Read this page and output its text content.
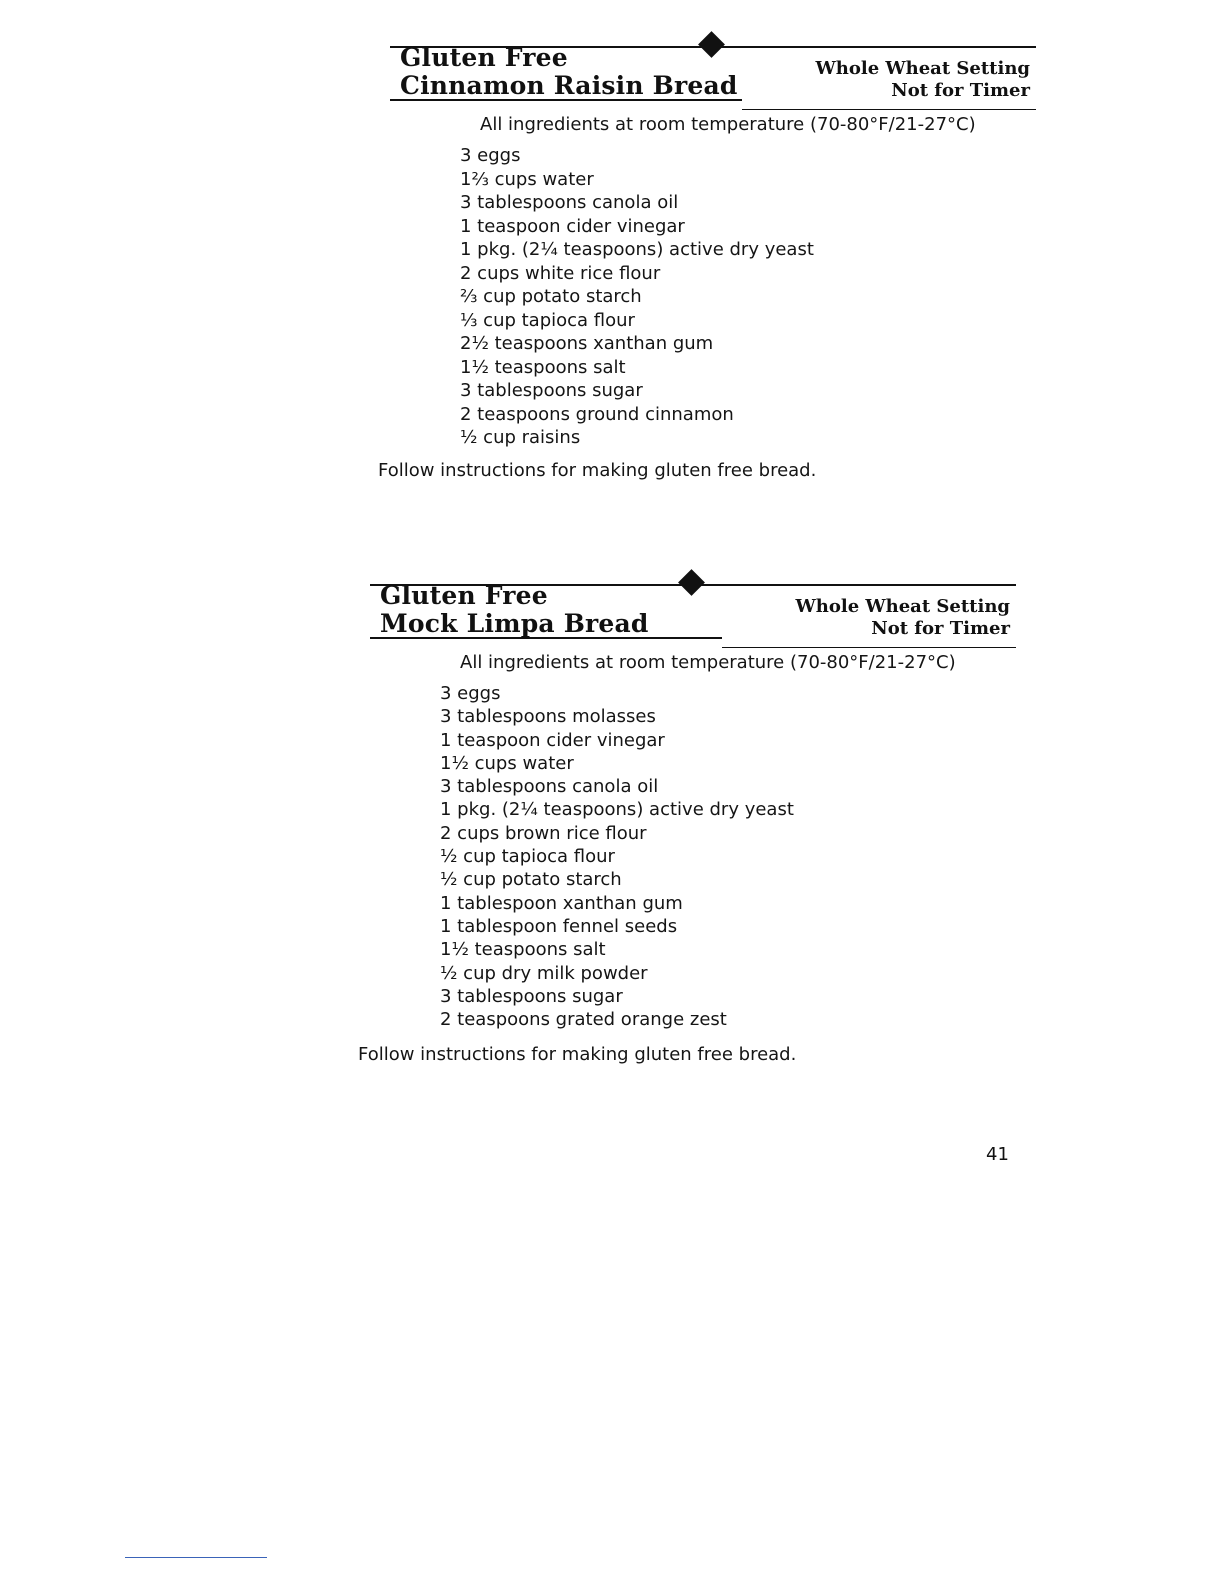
Gluten Free
Cinnamon Raisin Bread
Whole Wheat Setting
Not for Timer
All ingredients at room temperature (70-80°F/21-27°C)
3 eggs
1⅔ cups water
3 tablespoons canola oil
1 teaspoon cider vinegar
1 pkg. (2¼ teaspoons) active dry yeast
2 cups white rice flour
⅔ cup potato starch
⅓ cup tapioca flour
2½ teaspoons xanthan gum
1½ teaspoons salt
3 tablespoons sugar
2 teaspoons ground cinnamon
½ cup raisins
Follow instructions for making gluten free bread.
Gluten Free
Mock Limpa Bread
Whole Wheat Setting
Not for Timer
All ingredients at room temperature (70-80°F/21-27°C)
3 eggs
3 tablespoons molasses
1 teaspoon cider vinegar
1½ cups water
3 tablespoons canola oil
1 pkg. (2¼ teaspoons) active dry yeast
2 cups brown rice flour
½ cup tapioca flour
½ cup potato starch
1 tablespoon xanthan gum
1 tablespoon fennel seeds
1½ teaspoons salt
½ cup dry milk powder
3 tablespoons sugar
2 teaspoons grated orange zest
Follow instructions for making gluten free bread.
41
